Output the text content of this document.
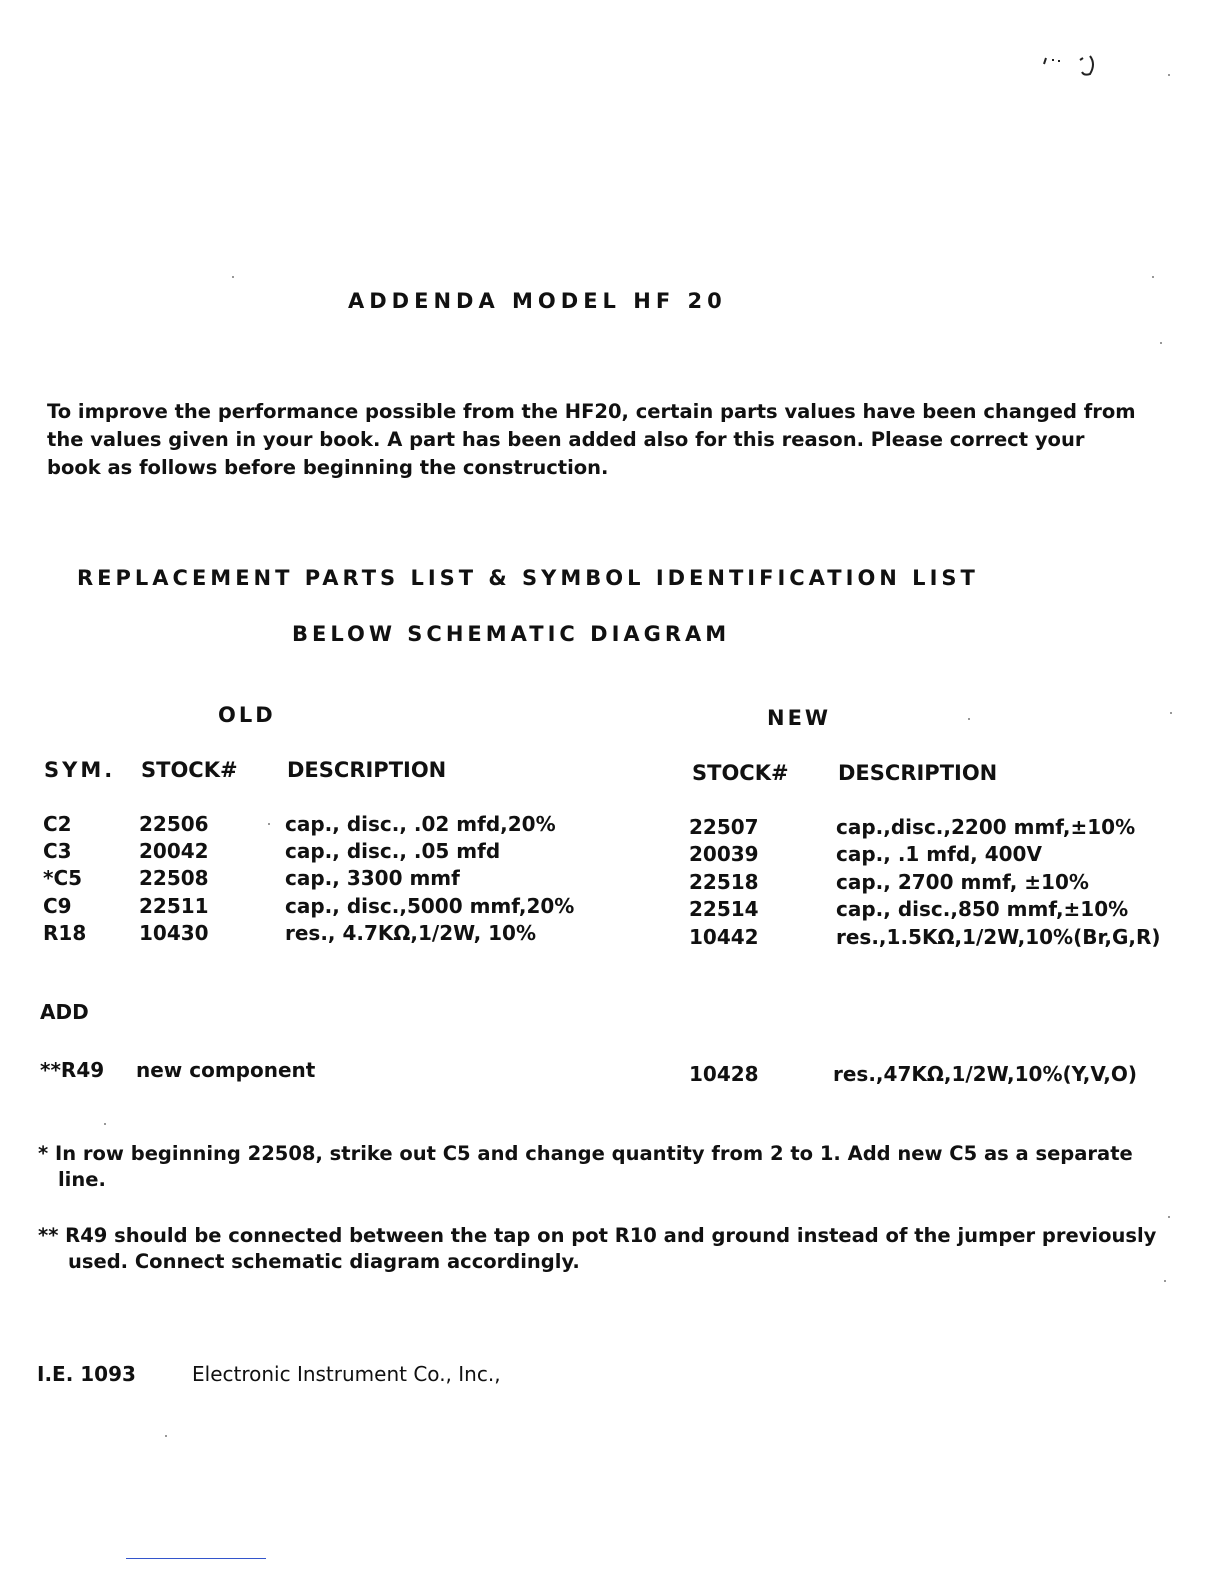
ADDENDA MODEL HF 20

To improve the performance possible from the HF20, certain parts values have been changed from

the values given in your book. A part has been added also for this reason. Please correct your

book as follows before beginning the construction.

REPLACEMENT PARTS LIST & SYMBOL IDENTIFICATION LIST
BELOW SCHEMATIC DIAGRAM
OLD	NEW
SYM. STOCK# DESCRIPTION	STOCK# DESCRIPTION
C2	22506	cap., disc., .02 mfd,20%	22507	cap.,disc.,2200 mmf,±10%
C3	20042	cap., disc., .05 mfd	20039	cap., .1 mfd, 400V
*C5	22508	cap., 3300 mmf	22518	cap., 2700 mmf, ±10%
C9	22511	cap., disc.,5000 mmf,20%	22514	cap., disc.,850 mmf,±10%
R18	10430	res., 4.7KΩ,1/2W, 10%	10442	res.,1.5KΩ,1/2W,10%(Br,G,R)
ADD
**R49 new component	10428	res.,47KΩ,1/2W,10%(Y,V,O)

* In row beginning 22508, strike out C5 and change quantity from 2 to 1. Add new C5 as a separate

line.

** R49 should be connected between the tap on pot R10 and ground instead of the jumper previously

used. Connect schematic diagram accordingly.

I.E. 1093	Electronic Instrument Co., Inc.,
